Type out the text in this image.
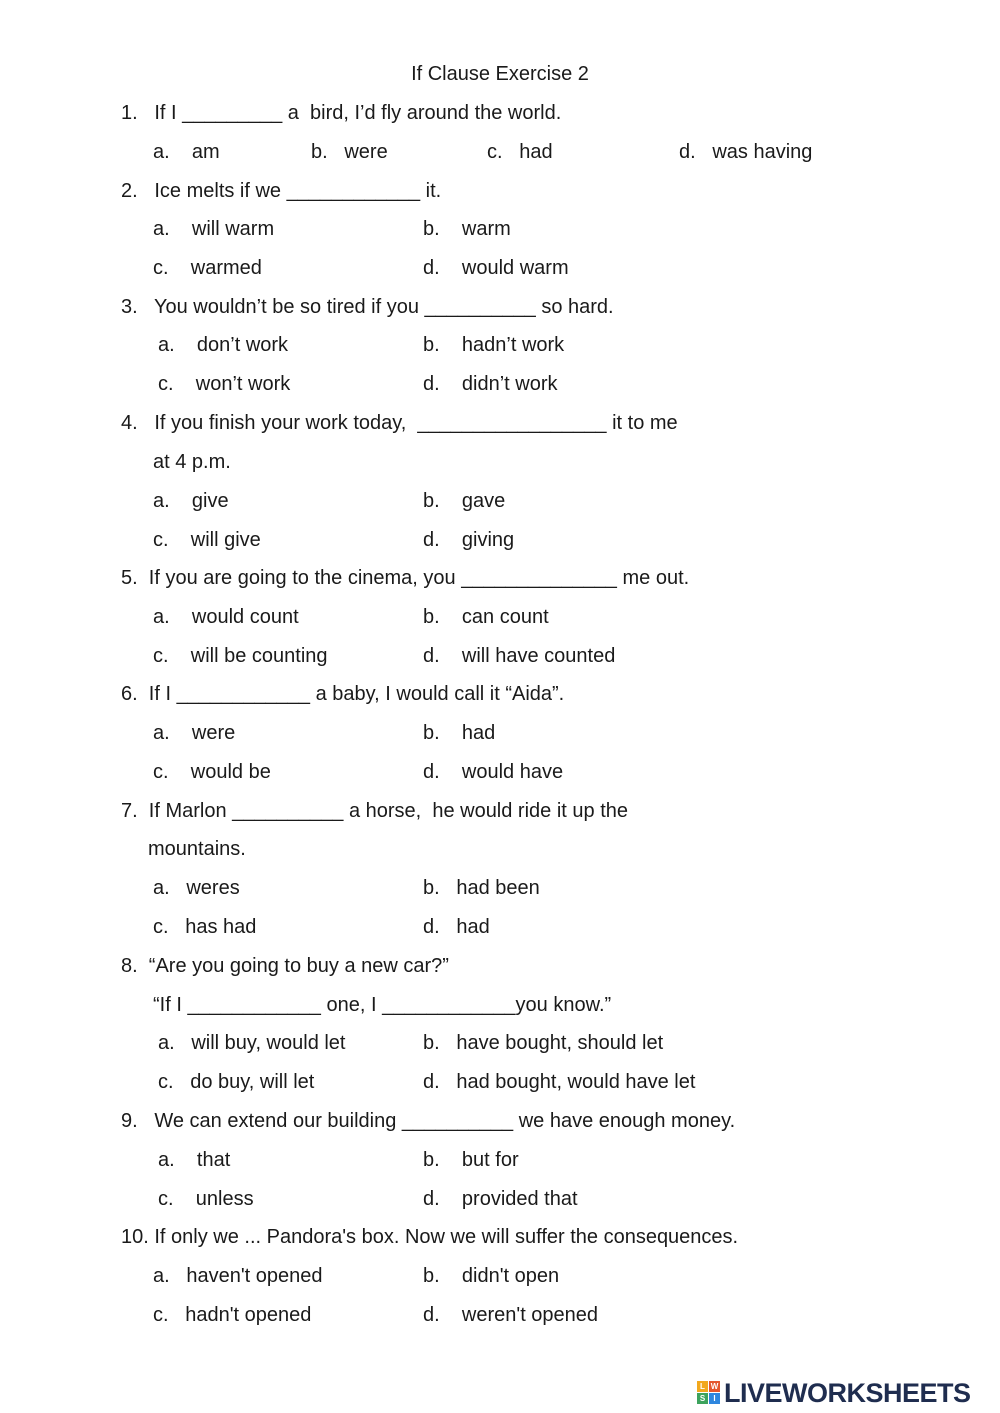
If Clause Exercise 2
1.   If I _________ a  bird, I’d fly around the world.
a.    am	b.   were	c.   had	d.   was having
2.   Ice melts if we ____________ it.
a.    will warm	b.    warm
c.    warmed	d.    would warm
3.   You wouldn’t be so tired if you __________ so hard.
a.    don’t work	b.    hadn’t work
c.    won’t work	d.    didn’t work
4.   If you finish your work today,  _________________ it to me
at 4 p.m.
a.    give	b.    gave
c.    will give	d.    giving
5.  If you are going to the cinema, you ______________ me out.
a.    would count	b.    can count
c.    will be counting	d.    will have counted
6.  If I ____________ a baby, I would call it “Aida”.
a.    were	b.    had
c.    would be	d.    would have
7.  If Marlon __________ a horse,  he would ride it up the
mountains.
a.   weres	b.   had been
c.   has had	d.   had
8.  “Are you going to buy a new car?”
“If I ____________ one, I ____________you know.”
a.   will buy, would let	b.   have bought, should let
c.   do buy, will let	d.   had bought, would have let
9.   We can extend our building __________ we have enough money.
a.    that	b.    but for
c.    unless	d.    provided that
10. If only we ... Pandora's box. Now we will suffer the consequences.
a.   haven't opened	b.    didn't open
c.   hadn't opened	d.    weren't opened
L W
S	I LIVEWORKSHEETS
